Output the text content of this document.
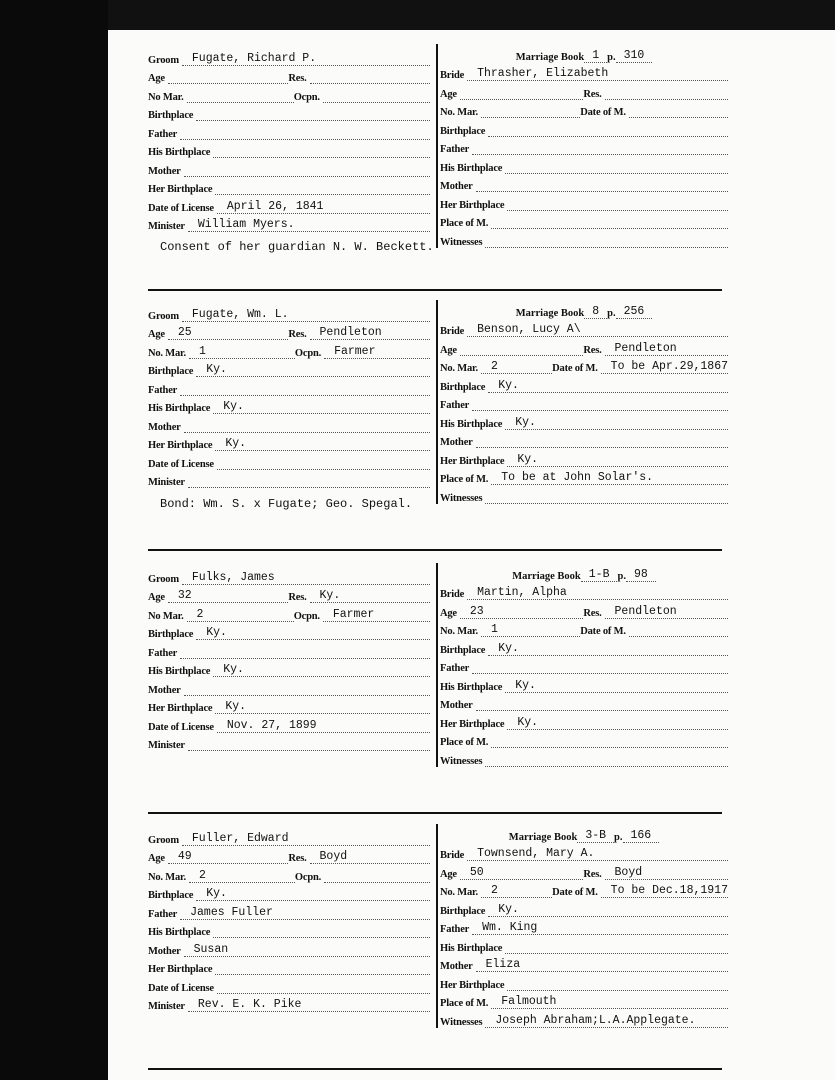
Groom	Fugate, Richard P.
Age	Res.
No Mar.	Ocpn.
Birthplace
Father
His Birthplace
Mother
Her Birthplace
Date of License	April 26, 1841
Minister	William Myers.
Marriage Book 1 p. 310
Bride	Thrasher, Elizabeth
Age	Res.
No. Mar.	Date of M.
Birthplace
Father
His Birthplace
Mother
Her Birthplace
Place of M.
Witnesses
Consent of her guardian N. W. Beckett.
Groom	Fugate, Wm. L.
Age	25	Res.	Pendleton
No. Mar.	1	Ocpn.	Farmer
Birthplace	Ky.
Father
His Birthplace	Ky.
Mother
Her Birthplace	Ky.
Date of License
Minister
Marriage Book 8 p. 256
Bride	Benson, Lucy A\
Age	Res.	Pendleton
No. Mar.	2	Date of M.	To be Apr.29,1867
Birthplace	Ky.
Father
His Birthplace	Ky.
Mother
Her Birthplace	Ky.
Place of M.	To be at John Solar's.
Witnesses
Bond: Wm. S. x Fugate; Geo. Spegal.
Groom	Fulks, James
Age	32	Res.	Ky.
No Mar.	2	Ocpn.	Farmer
Birthplace	Ky.
Father
His Birthplace	Ky.
Mother
Her Birthplace	Ky.
Date of License	Nov. 27, 1899
Minister
Marriage Book 1-B p. 98
Bride	Martin, Alpha
Age	23	Res.	Pendleton
No. Mar.	1	Date of M.
Birthplace	Ky.
Father
His Birthplace	Ky.
Mother
Her Birthplace	Ky.
Place of M.
Witnesses
Groom	Fuller, Edward
Age	49	Res.	Boyd
No. Mar.	2	Ocpn.
Birthplace	Ky.
Father	James Fuller
His Birthplace
Mother	Susan
Her Birthplace
Date of License
Minister	Rev. E. K. Pike
Marriage Book 3-B p. 166
Bride	Townsend, Mary A.
Age	50	Res.	Boyd
No. Mar.	2	Date of M.	To be Dec.18,1917
Birthplace	Ky.
Father	Wm. King
His Birthplace
Mother	Eliza
Her Birthplace
Place of M.	Falmouth
Witnesses	Joseph Abraham;L.A.Applegate.
